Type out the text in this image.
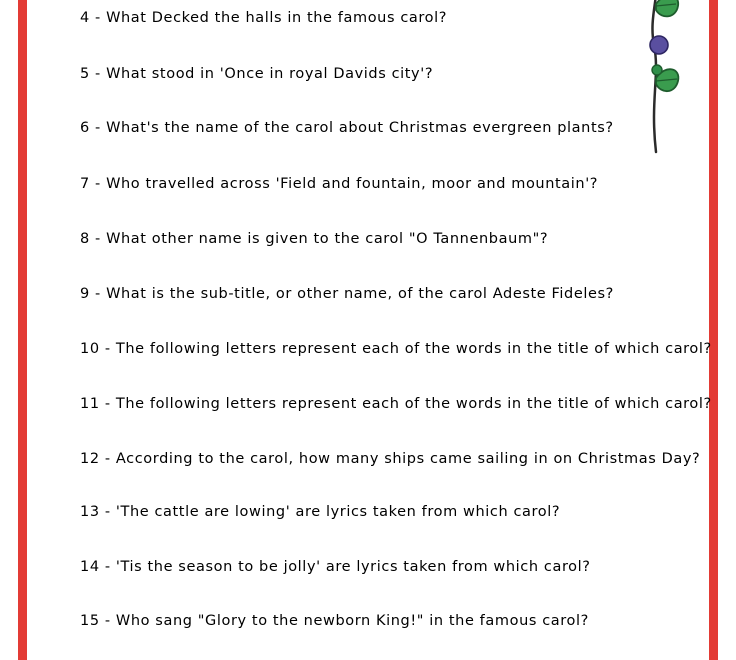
4 - What Decked the halls in the famous carol?
5 - What stood in 'Once in royal Davids city'?
6 - What's the name of the carol about Christmas evergreen plants?
7 - Who travelled across 'Field and fountain, moor and mountain'?
8 - What other name is given to the carol "O Tannenbaum"?
9 - What is the sub-title, or other name, of the carol Adeste Fideles?
10 - The following letters represent each of the words in the title of which carol?
11 - The following letters represent each of the words in the title of which carol?
12 - According to the carol, how many ships came sailing in on Christmas Day?
13 - 'The cattle are lowing' are lyrics taken from which carol?
14 - 'Tis the season to be jolly' are lyrics taken from which carol?
15 - Who sang "Glory to the newborn King!" in the famous carol?
